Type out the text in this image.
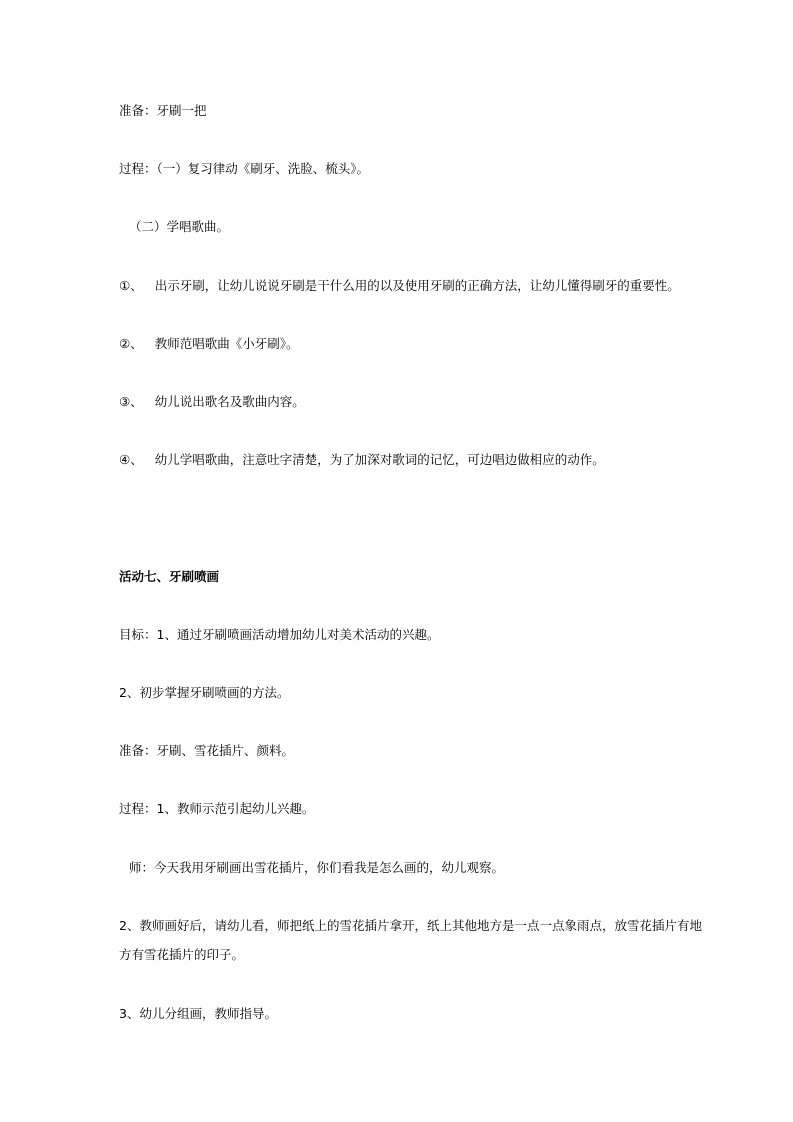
准备：牙刷一把
过程：（一）复习律动《刷牙、洗脸、梳头》。
（二）学唱歌曲。
①、 出示牙刷，让幼儿说说牙刷是干什么用的以及使用牙刷的正确方法，让幼儿懂得刷牙的重要性。
②、 教师范唱歌曲《小牙刷》。
③、 幼儿说出歌名及歌曲内容。
④、 幼儿学唱歌曲，注意吐字清楚，为了加深对歌词的记忆，可边唱边做相应的动作。
活动七、牙刷喷画
目标：1、通过牙刷喷画活动增加幼儿对美术活动的兴趣。
2、初步掌握牙刷喷画的方法。
准备：牙刷、雪花插片、颜料。
过程：1、教师示范引起幼儿兴趣。
师：今天我用牙刷画出雪花插片，你们看我是怎么画的，幼儿观察。
2、教师画好后，请幼儿看，师把纸上的雪花插片拿开，纸上其他地方是一点一点象雨点，放雪花插片有地
方有雪花插片的印子。
3、幼儿分组画，教师指导。
